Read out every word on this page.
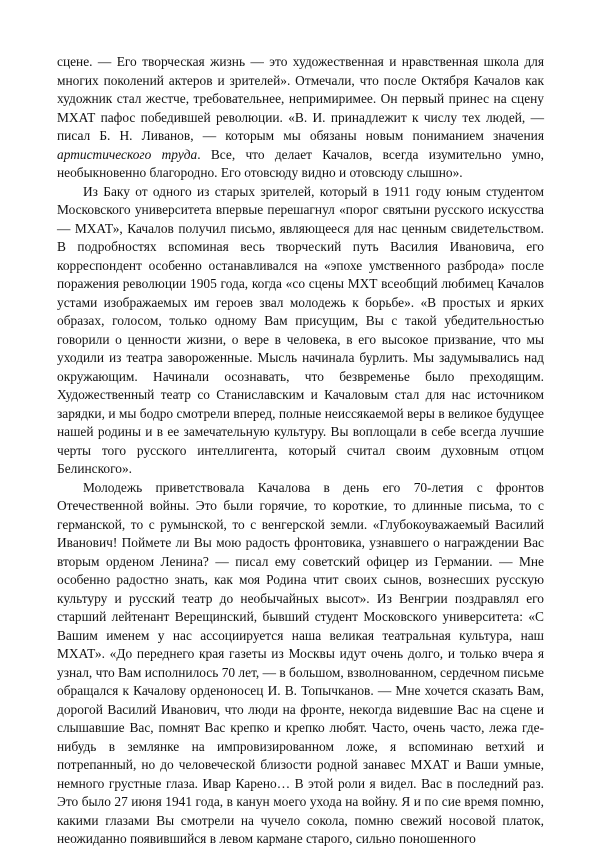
сцене. — Его творческая жизнь — это художественная и нравственная школа для многих поколений актеров и зрителей». Отмечали, что после Октября Качалов как художник стал жестче, требовательнее, непримиримее. Он первый принес на сцену МХАТ пафос победившей революции. «В. И. принадлежит к числу тех людей, — писал Б. Н. Ливанов, — которым мы обязаны новым пониманием значения артистического труда. Все, что делает Качалов, всегда изумительно умно, необыкновенно благородно. Его отовсюду видно и отовсюду слышно».

Из Баку от одного из старых зрителей, который в 1911 году юным студентом Московского университета впервые перешагнул «порог святыни русского искусства — МХАТ», Качалов получил письмо, являющееся для нас ценным свидетельством. В подробностях вспоминая весь творческий путь Василия Ивановича, его корреспондент особенно останавливался на «эпохе умственного разброда» после поражения революции 1905 года, когда «со сцены МХТ всеобщий любимец Качалов устами изображаемых им героев звал молодежь к борьбе». «В простых и ярких образах, голосом, только одному Вам присущим, Вы с такой убедительностью говорили о ценности жизни, о вере в человека, в его высокое призвание, что мы уходили из театра завороженные. Мысль начинала бурлить. Мы задумывались над окружающим. Начинали осознавать, что безвременье было преходящим. Художественный театр со Станиславским и Качаловым стал для нас источником зарядки, и мы бодро смотрели вперед, полные неиссякаемой веры в великое будущее нашей родины и в ее замечательную культуру. Вы воплощали в себе всегда лучшие черты того русского интеллигента, который считал своим духовным отцом Белинского».

Молодежь приветствовала Качалова в день его 70-летия с фронтов Отечественной войны. Это были горячие, то короткие, то длинные письма, то с германской, то с румынской, то с венгерской земли. «Глубокоуважаемый Василий Иванович! Поймете ли Вы мою радость фронтовика, узнавшего о награждении Вас вторым орденом Ленина? — писал ему советский офицер из Германии. — Мне особенно радостно знать, как моя Родина чтит своих сынов, вознесших русскую культуру и русский театр до необычайных высот». Из Венгрии поздравлял его старший лейтенант Верещинский, бывший студент Московского университета: «С Вашим именем у нас ассоциируется наша великая театральная культура, наш МХАТ». «До переднего края газеты из Москвы идут очень долго, и только вчера я узнал, что Вам исполнилось 70 лет, — в большом, взволнованном, сердечном письме обращался к Качалову орденоносец И. В. Топычканов. — Мне хочется сказать Вам, дорогой Василий Иванович, что люди на фронте, некогда видевшие Вас на сцене и слышавшие Вас, помнят Вас крепко и крепко любят. Часто, очень часто, лежа где-нибудь в землянке на импровизированном ложе, я вспоминаю ветхий и потрепанный, но до человеческой близости родной занавес МХАТ и Ваши умные, немного грустные глаза. Ивар Карено… В этой роли я видел. Вас в последний раз. Это было 27 июня 1941 года, в канун моего ухода на войну. Я и по сие время помню, какими глазами Вы смотрели на чучело сокола, помню свежий носовой платок, неожиданно появившийся в левом кармане старого, сильно поношенного
